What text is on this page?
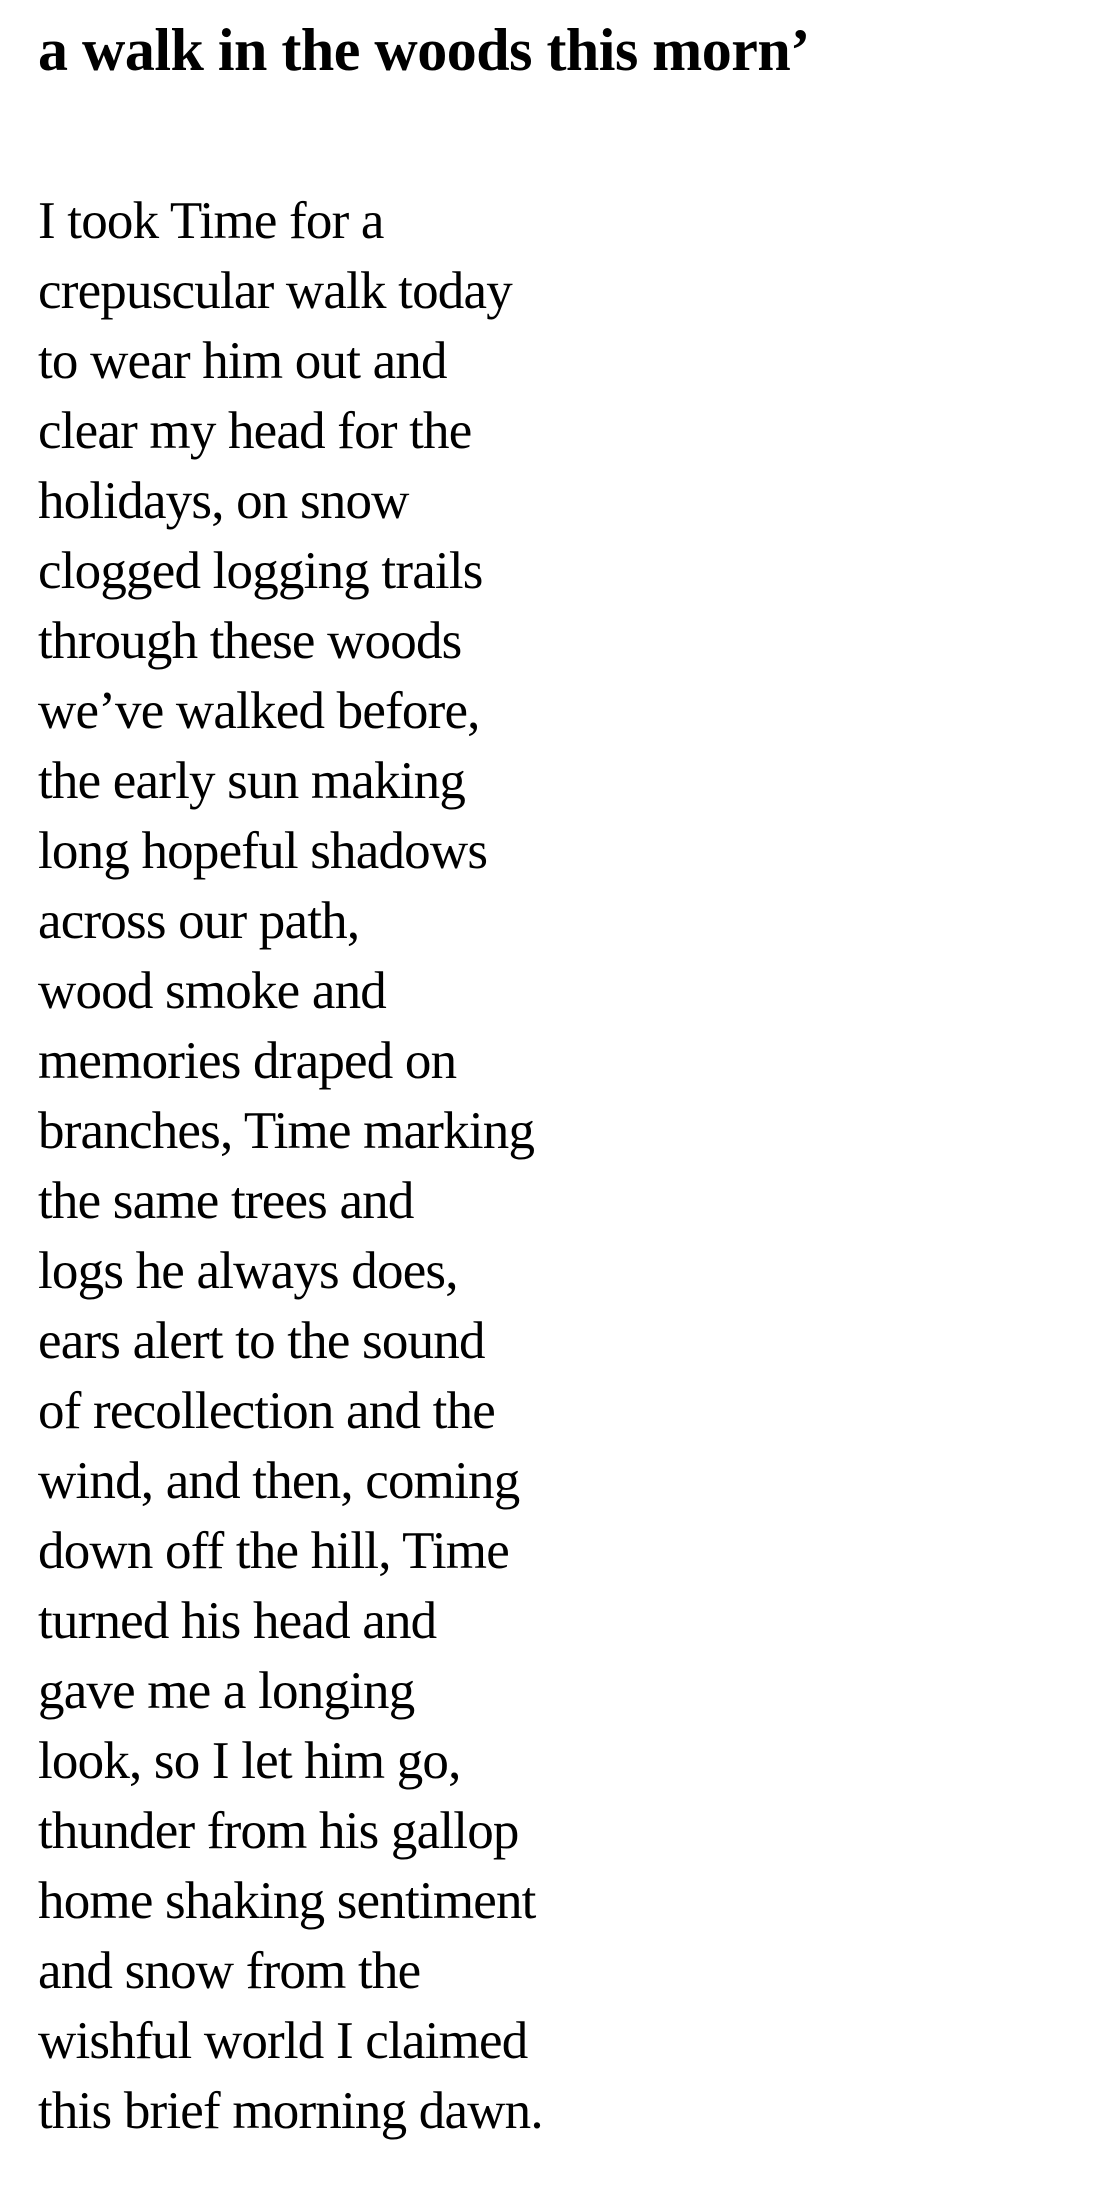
a walk in the woods this morn’
I took Time for a
crepuscular walk today
to wear him out and
clear my head for the
holidays, on snow
clogged logging trails
through these woods
we’ve walked before,
the early sun making
long hopeful shadows
across our path,
wood smoke and
memories draped on
branches, Time marking
the same trees and
logs he always does,
ears alert to the sound
of recollection and the
wind, and then, coming
down off the hill, Time
turned his head and
gave me a longing
look, so I let him go,
thunder from his gallop
home shaking sentiment
and snow from the
wishful world I claimed
this brief morning dawn.
